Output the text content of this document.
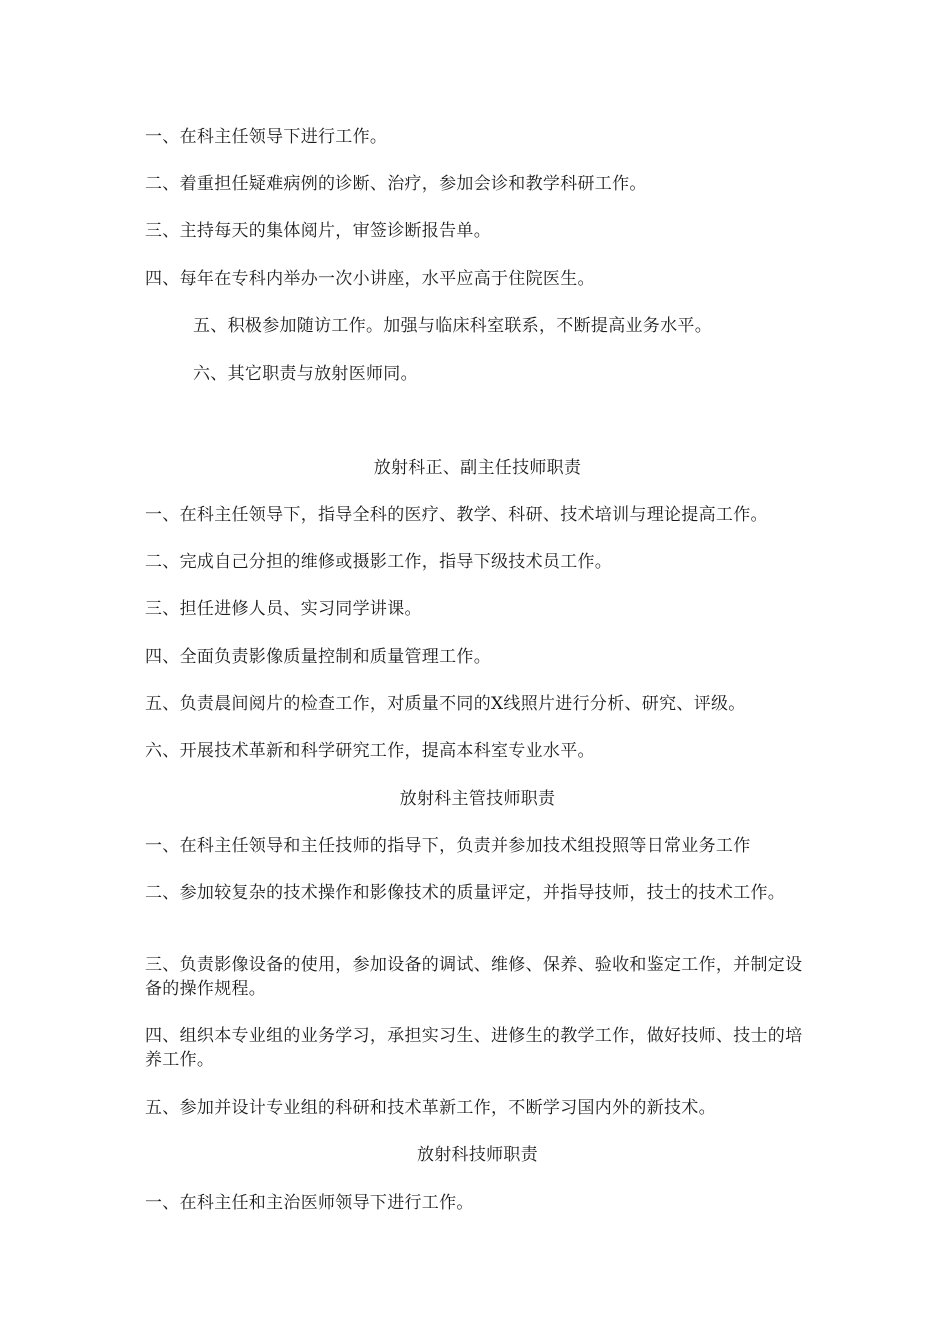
一、在科主任领导下进行工作。
二、着重担任疑难病例的诊断、治疗，参加会诊和教学科研工作。
三、主持每天的集体阅片，审签诊断报告单。
四、每年在专科内举办一次小讲座，水平应高于住院医生。
五、积极参加随访工作。加强与临床科室联系，不断提高业务水平。
六、其它职责与放射医师同。
放射科正、副主任技师职责
一、在科主任领导下，指导全科的医疗、教学、科研、技术培训与理论提高工作。
二、完成自己分担的维修或摄影工作，指导下级技术员工作。
三、担任进修人员、实习同学讲课。
四、全面负责影像质量控制和质量管理工作。
五、负责晨间阅片的检查工作，对质量不同的X线照片进行分析、研究、评级。
六、开展技术革新和科学研究工作，提高本科室专业水平。
放射科主管技师职责
一、在科主任领导和主任技师的指导下，负责并参加技术组投照等日常业务工作
二、参加较复杂的技术操作和影像技术的质量评定，并指导技师，技士的技术工作。
三、负责影像设备的使用，参加设备的调试、维修、保养、验收和鉴定工作，并制定设备的操作规程。
四、组织本专业组的业务学习，承担实习生、进修生的教学工作，做好技师、技士的培养工作。
五、参加并设计专业组的科研和技术革新工作，不断学习国内外的新技术。
放射科技师职责
一、在科主任和主治医师领导下进行工作。
